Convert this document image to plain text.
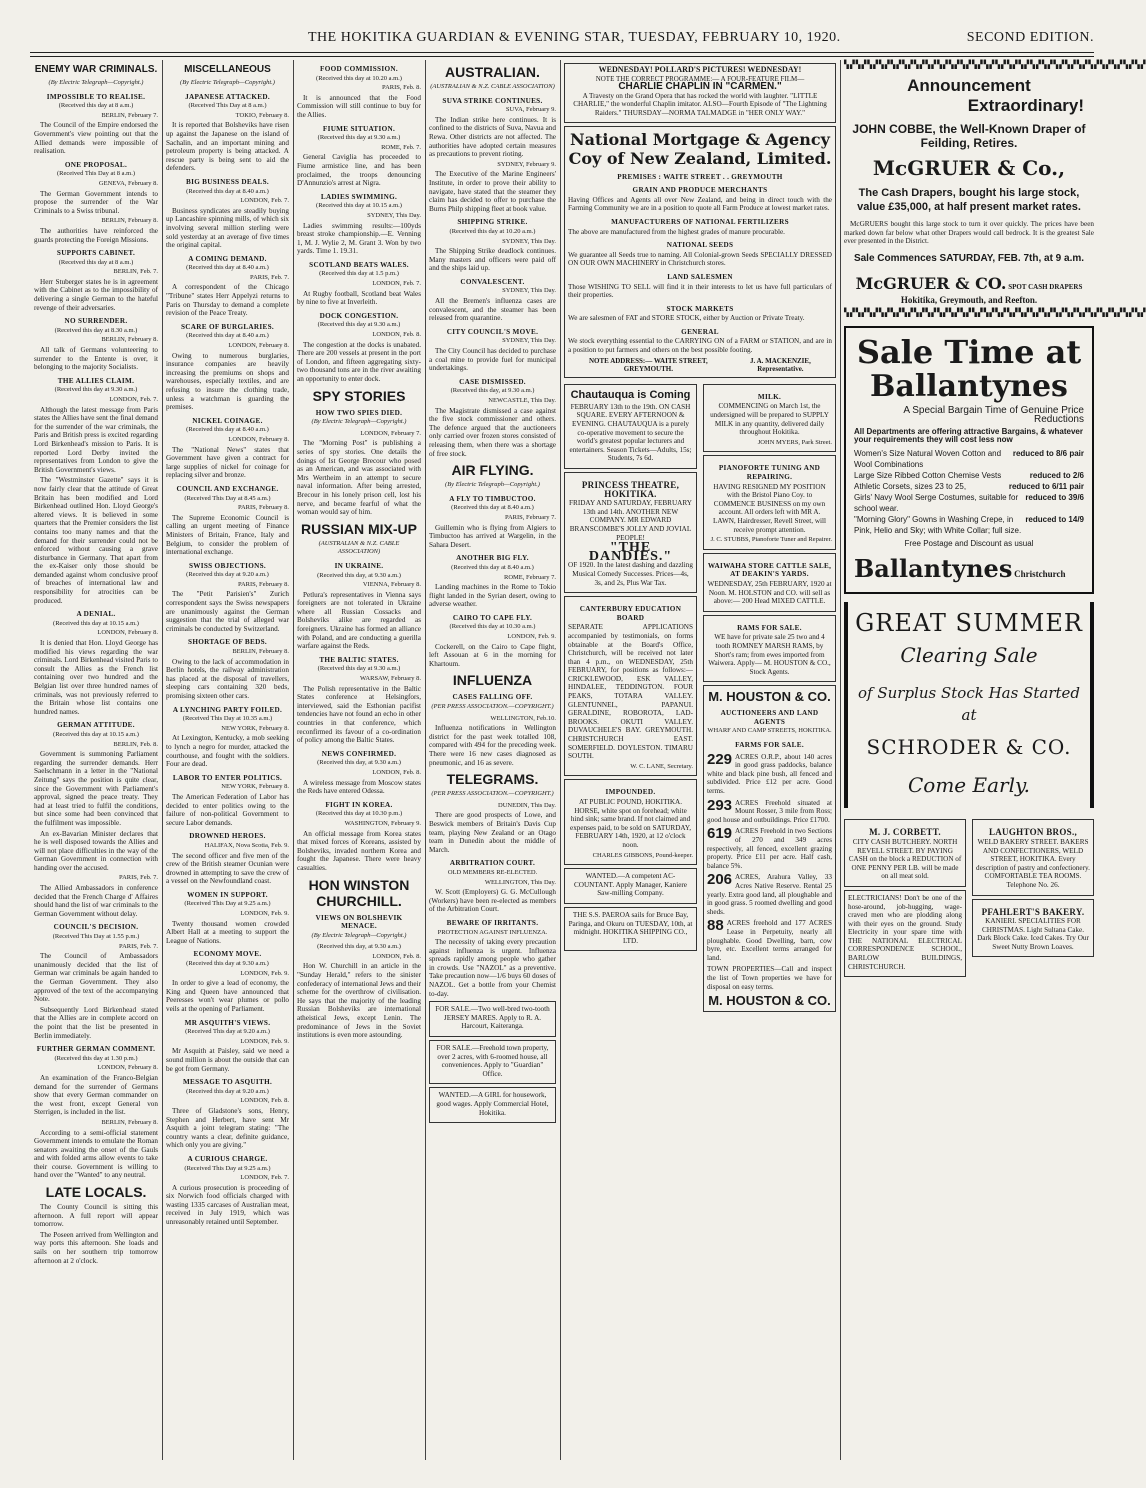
THE HOKITIKA GUARDIAN & EVENING STAR, TUESDAY, FEBRUARY 10, 1920.	SECOND EDITION.
ENEMY WAR CRIMINALS.
(By Electric Telegraph—Copyright.)
IMPOSSIBLE TO REALISE.
(Received this day at 8 a.m.)
BERLIN, February 7.

The Council of the Empire endorsed the Government's view pointing out that the Allied demands were impossible of realisation.

ONE PROPOSAL.
(Received This Day at 8 a.m.)
GENEVA, February 8.

The German Government intends to propose the surrender of the War Criminals to a Swiss tribunal.

BERLIN, February 8.

The authorities have reinforced the guards protecting the Foreign Missions.

SUPPORTS CABINET.
(Received this day at 8 a.m.)
BERLIN, Feb. 7.

Herr Stuberger states he is in agreement with the Cabinet as to the impossibility of delivering a single German to the hateful revenge of their adversaries.

NO SURRENDER.
(Received this day at 8.30 a.m.)
BERLIN, February 8.

All talk of Germans volunteering to surrender to the Entente is over, it belonging to the majority Socialists.

THE ALLIES CLAIM.
(Received this day at 9.30 a.m.)
LONDON, Feb. 7.

Although the latest message from Paris states the Allies have sent the final demand for the surrender of the war criminals, the Paris and British press is excited regarding Lord Birkenhead's mission to Paris. It is reported Lord Derby invited the representatives from London to give the British Government's views.

The "Westminster Gazette" says it is now fairly clear that the attitude of Great Britain has been modified and Lord Birkenhead outlined Hon. Lloyd George's altered views. It is believed in some quarters that the Premier considers the list contains too many names and that the demand for their surrender could not be enforced without causing a grave disturbance in Germany. That apart from the ex-Kaiser only those should be demanded against whom conclusive proof of breaches of international law and responsibility for atrocities can be produced.

A DENIAL.
(Received this day at 10.15 a.m.)
LONDON, February 8.

It is denied that Hon. Lloyd George has modified his views regarding the war criminals. Lord Birkenhead visited Paris to consult the Allies as the French list containing over two hundred and the Belgian list over three hundred names of criminals, was not previously referred to the Britain whose list contains one hundred names.

GERMAN ATTITUDE.
(Received this day at 10.15 a.m.)
BERLIN, Feb. 8.

Government is summoning Parliament regarding the surrender demands. Herr Saelschmann in a letter in the "National Zeitung" says the position is quite clear, since the Government with Parliament's approval, signed the peace treaty. They had at least tried to fulfil the conditions, but since some had been convinced that the fulfilment was impossible.

An ex-Bavarian Minister declares that he is well disposed towards the Allies and will not place difficulties in the way of the German Government in connection with handing over the accused.

PARIS, Feb. 7.

The Allied Ambassadors in conference decided that the French Charge d' Affaires should hand the list of war criminals to the German Government without delay.

COUNCIL'S DECISION.
(Received This Day at 1.55 p.m.)
PARIS, Feb. 7.

The Council of Ambassadors unanimously decided that the list of German war criminals be again handed to the German Government. They also approved of the text of the accompanying Note.

Subsequently Lord Birkenhead stated that the Allies are in complete accord on the point that the list be presented in Berlin immediately.

FURTHER GERMAN COMMENT.
(Received this day at 1.30 p.m.)
LONDON, February 8.

An examination of the Franco-Belgian demand for the surrender of Germans show that every German commander on the west front, except General von Sterrigen, is included in the list.

BERLIN, February 8.

According to a semi-official statement Government intends to emulate the Roman senators awaiting the onset of the Gauls and with folded arms allow events to take their course. Government is willing to hand over the "Wanted" to any neutral.

LATE LOCALS.

The County Council is sitting this afternoon. A full report will appear tomorrow.

The Poseen arrived from Wellington and way ports this afternoon. She loads and sails on her southern trip tomorrow afternoon at 2 o'clock.

MISCELLANEOUS
(By Electric Telegraph—Copyright.)
JAPANESE ATTACKED.
(Received This Day at 8 a.m.)
TOKIO, February 8.

It is reported that Bolsheviks have risen up against the Japanese on the island of Sachalin, and an important mining and petroleum property is being attacked. A rescue party is being sent to aid the defenders.

BIG BUSINESS DEALS.
(Received this day at 8.40 a.m.)
LONDON, Feb. 7.

Business syndicates are steadily buying up Lancashire spinning mills, of which six involving several million sterling were sold yesterday at an average of five times the original capital.

A COMING DEMAND.
(Received this day at 8.40 a.m.)
PARIS, Feb. 7.

A correspondent of the Chicago "Tribune" states Herr Appelyzi returns to Paris on Thursday to demand a complete revision of the Peace Treaty.

SCARE OF BURGLARIES.
(Received this day at 8.40 a.m.)
LONDON, February 8.

Owing to numerous burglaries, insurance companies are heavily increasing the premiums on shops and warehouses, especially textiles, and are refusing to insure the clothing trade, unless a watchman is guarding the premises.

NICKEL COINAGE.
(Received this day at 8.40 a.m.)
LONDON, February 8.

The "National News" states that Government have given a contract for large supplies of nickel for coinage for replacing silver and bronze.

COUNCIL AND EXCHANGE.
(Received This Day at 8.45 a.m.)
PARIS, February 8.

The Supreme Economic Council is calling an urgent meeting of Finance Ministers of Britain, France, Italy and Belgium, to consider the problem of international exchange.

SWISS OBJECTIONS.
(Received this day at 9.20 a.m.)
PARIS, February 8.

The "Petit Parisien's" Zurich correspondent says the Swiss newspapers are unanimously against the German suggestion that the trial of alleged war criminals be conducted by Switzerland.

SHORTAGE OF BEDS.
BERLIN, February 8.

Owing to the lack of accommodation in Berlin hotels, the railway administration has placed at the disposal of travellers, sleeping cars containing 320 beds, promising sixteen other cars.

A LYNCHING PARTY FOILED.
(Received This Day at 10.35 a.m.)
NEW YORK, February 8.

At Lexington, Kentucky, a mob seeking to lynch a negro for murder, attacked the courthouse, and fought with the soldiers. Four are dead.

LABOR TO ENTER POLITICS.
NEW YORK, February 8.

The American Federation of Labor has decided to enter politics owing to the failure of non-political Government to secure Labor demands.

DROWNED HEROES.
HALIFAX, Nova Scotia, Feb. 9.

The second officer and five men of the crew of the British steamer Ocunian were drowned in attempting to save the crew of a vessel on the Newfoundland coast.

WOMEN IN SUPPORT.
(Received This Day at 9.25 a.m.)
LONDON, Feb. 9.

Twenty thousand women crowded Albert Hall at a meeting to support the League of Nations.

ECONOMY MOVE.
(Received this day at 9.30 a.m.)
LONDON, Feb. 9.

In order to give a lead of economy, the King and Queen have announced that Peeresses won't wear plumes or pollo veils at the opening of Parliament.

MR ASQUITH'S VIEWS.
(Received This day at 9.20 a.m.)
LONDON, Feb. 9.

Mr Asquith at Paisley, said we need a sound million is about the outside that can be got from Germany.

MESSAGE TO ASQUITH.
(Received this day at 9.20 a.m.)
LONDON, Feb. 8.

Three of Gladstone's sons, Henry, Stephen and Herbert, have sent Mr Asquith a joint telegram stating: "The country wants a clear, definite guidance, which only you are giving."

A CURIOUS CHARGE.
(Received This Day at 9.25 a.m.)
LONDON, Feb. 7.

A curious prosecution is proceeding of six Norwich food officials charged with wasting 1335 carcases of Australian meat, received in July 1919, which was unreasonably retained until September.

FOOD COMMISSION.
(Received this day at 10.20 a.m.)
PARIS, Feb. 8.

It is announced that the Food Commission will still continue to buy for the Allies.

FIUME SITUATION.
(Received this day at 9.30 a.m.)
ROME, Feb. 7.

General Caviglia has proceeded to Fiume armistice line, and has been proclaimed, the troops denouncing D'Annunzio's arrest at Nigra.

LADIES SWIMMING.
(Received this day at 10.15 a.m.)
SYDNEY, This Day.

Ladies swimming results:—100yds breast stroke championship.—E. Venning 1, M. J. Wylie 2, M. Grant 3. Won by two yards. Time 1. 19.31.

SCOTLAND BEATS WALES.
(Received this day at 1.5 p.m.)
LONDON, Feb. 7.

At Rugby football, Scotland beat Wales by nine to five at Inverleith.

DOCK CONGESTION.
(Received this day at 9.30 a.m.)
LONDON, Feb. 8.

The congestion at the docks is unabated. There are 200 vessels at present in the port of London, and fifteen aggregating sixty-two thousand tons are in the river awaiting an opportunity to enter dock.

SPY STORIES
HOW TWO SPIES DIED.
(By Electric Telegraph—Copyright.)
LONDON, February 7.

The "Morning Post" is publishing a series of spy stories. One details the doings of Ist George Brecour who posed as an American, and was associated with Mrs Wertheim in an attempt to secure naval information. After being arrested, Brecour in his lonely prison cell, lost his nerve, and became fearful of what the woman would say of him.

RUSSIAN MIX-UP
(AUSTRALIAN & N.Z. CABLE ASSOCIATION)
IN UKRAINE.
(Received this day, at 9.30 a.m.)
VIENNA, February 8.

Petlura's representatives in Vienna says foreigners are not tolerated in Ukraine where all Russian Cossacks and Bolsheviks alike are regarded as foreigners. Ukraine has formed an alliance with Poland, and are conducting a guerilla warfare against the Reds.

THE BALTIC STATES.
(Received this day at 9.30 a.m.)
WARSAW, February 8.

The Polish representative in the Baltic States conference at Helsingfors, interviewed, said the Esthonian pacifist tendencies have not found an echo in other countries in that conference, which reconfirmed its favour of a co-ordination of policy among the Baltic States.

NEWS CONFIRMED.
(Received this day, at 9.30 a.m.)
LONDON, Feb. 8.

A wireless message from Moscow states the Reds have entered Odessa.

FIGHT IN KOREA.
(Received this day at 10.30 p.m.)
WASHINGTON, February 9.

An official message from Korea states that mixed forces of Koreans, assisted by Bolsheviks, invaded northern Korea and fought the Japanese. There were heavy casualties.

HON WINSTON CHURCHILL.
VIEWS ON BOLSHEVIK MENACE.
(By Electric Telegraph—Copyright.)
(Received this day, at 9.30 a.m.)
LONDON, Feb. 8.

Hon W. Churchill in an article in the "Sunday Herald," refers to the sinister confederacy of international Jews and their scheme for the overthrow of civilisation. He says that the majority of the leading Russian Bolsheviks are international atheistical Jews, except Lenin. The predominance of Jews in the Soviet institutions is even more astounding.

AUSTRALIAN.
(AUSTRALIAN & N.Z. CABLE ASSOCIATION)
SUVA STRIKE CONTINUES.
SUVA, February 9.

The Indian strike here continues. It is confined to the districts of Suva, Navua and Rewa. Other districts are not affected. The authorities have adopted certain measures as precautions to prevent rioting.

SYDNEY, February 9.

The Executive of the Marine Engineers' Institute, in order to prove their ability to navigate, have stated that the steamer they claim has decided to offer to purchase the Burns Philp shipping fleet at book value.

SHIPPING STRIKE.
(Received this day at 10.20 a.m.)
SYDNEY, This Day.

The Shipping Strike deadlock continues. Many masters and officers were paid off and the ships laid up.

CONVALESCENT.
SYDNEY, This Day.

All the Bremen's influenza cases are convalescent, and the steamer has been released from quarantine.

CITY COUNCIL'S MOVE.
SYDNEY, This Day.

The City Council has decided to purchase a coal mine to provide fuel for municipal undertakings.

CASE DISMISSED.
(Received this day, at 9.30 a.m.)
NEWCASTLE, This Day.

The Magistrate dismissed a case against the five stock commissioner and others. The defence argued that the auctioneers only carried over frozen stores consisted of releasing them, when there was a shortage of free stock.

AIR FLYING.
(By Electric Telegraph—Copyright.)
A FLY TO TIMBUCTOO.
(Received this day at 8.40 a.m.)
PARIS, February 7.

Guillemin who is flying from Algiers to Timbuctoo has arrived at Wargelin, in the Sahara Desert.

ANOTHER BIG FLY.
(Received this day at 8.40 a.m.)
ROME, February 7.

Landing machines in the Rome to Tokio flight landed in the Syrian desert, owing to adverse weather.

CAIRO TO CAPE FLY.
(Received this day at 10.30 a.m.)
LONDON, Feb. 9.

Cockerell, on the Cairo to Cape flight, left Assouan at 6 in the morning for Khartoum.

INFLUENZA
CASES FALLING OFF.
(PER PRESS ASSOCIATION.—COPYRIGHT.)
WELLINGTON, Feb.10.

Influenza notifications in Wellington district for the past week totalled 108, compared with 494 for the preceding week. There were 16 new cases diagnosed as pneumonic, and 16 as severe.

TELEGRAMS.
(PER PRESS ASSOCIATION.—COPYRIGHT.)
DUNEDIN, This Day.

There are good prospects of Lowe, and Beswick members of Britain's Davis Cup team, playing New Zealand or an Otago team in Dunedin about the middle of March.

ARBITRATION COURT.
OLD MEMBERS RE-ELECTED.
WELLINGTON, This Day.

W. Scott (Employers) G. G. McCullough (Workers) have been re-elected as members of the Arbitration Court.

BEWARE OF IRRITANTS.
PROTECTION AGAINST INFLUENZA.

The necessity of taking every precaution against influenza is urgent. Influenza spreads rapidly among people who gather in crowds. Use "NAZOL" as a preventive. Take precaution now—1/6 buys 60 doses of NAZOL. Get a bottle from your Chemist to-day.

FOR SALE.—Two well-bred two-tooth JERSEY MARES. Apply to R. A. Harcourt, Kaiteranga.

FOR SALE.—Freehold town property, over 2 acres, with 6-roomed house, all conveniences. Apply to "Guardian" Office.

WANTED.—A GIRL for housework, good wages. Apply Commercial Hotel, Hokitika.

WEDNESDAY! POLLARD'S PICTURES! WEDNESDAY!
NOTE THE CORRECT PROGRAMME:— A FOUR-FEATURE FILM—
CHARLIE CHAPLIN IN "CARMEN."

A Travesty on the Grand Opera that has rocked the world with laughter. "LITTLE CHARLIE," the wonderful Chaplin imitator. ALSO—Fourth Episode of "The Lightning Raiders." THURSDAY—NORMA TALMADGE in "HER ONLY WAY."

National Mortgage & Agency Coy of New Zealand, Limited.
PREMISES : WAITE STREET . . GREYMOUTH
GRAIN AND PRODUCE MERCHANTS

Having Offices and Agents all over New Zealand, and being in direct touch with the Farming Community we are in a position to quote all Farm Produce at lowest market rates.

MANUFACTURERS OF NATIONAL FERTILIZERS

The above are manufactured from the highest grades of manure procurable.

NATIONAL SEEDS

We guarantee all Seeds true to naming. All Colonial-grown Seeds SPECIALLY DRESSED ON OUR OWN MACHINERY in Christchurch stores.

LAND SALESMEN

Those WISHING TO SELL will find it in their interests to let us have full particulars of their properties.

STOCK MARKETS

We are salesmen of FAT and STORE STOCK, either by Auction or Private Treaty.

GENERAL

We stock everything essential to the CARRYING ON of a FARM or STATION, and are in a position to put farmers and others on the best possible footing.

NOTE ADDRESS:— WAITE STREET, GREYMOUTH.
J. A. MACKENZIE, Representative.
Chautauqua is Coming

FEBRUARY 13th to the 19th. ON CASH SQUARE. EVERY AFTERNOON & EVENING. CHAUTAUQUA is a purely co-operative movement to secure the world's greatest popular lecturers and entertainers. Season Tickets—Adults, 15s; Students, 7s 6d.

PRINCESS THEATRE, HOKITIKA.

FRIDAY AND SATURDAY, FEBRUARY 13th and 14th. ANOTHER NEW COMPANY. MR EDWARD BRANSCOMBE'S JOLLY AND JOVIAL PEOPLE!

"THE DANDIES."

OF 1920. In the latest dashing and dazzling Musical Comedy Successes. Prices—4s, 3s, and 2s, Plus War Tax.

CANTERBURY EDUCATION BOARD

SEPARATE APPLICATIONS accompanied by testimonials, on forms obtainable at the Board's Office, Christchurch, will be received not later than 4 p.m., on WEDNESDAY, 25th FEBRUARY, for positions as follows:— CRICKLEWOOD, ESK VALLEY, HINDALEE, TEDDINGTON. FOUR PEAKS, TOTARA VALLEY. GLENTUNNEL, PAPANUI. GERALDINE, ROBOROTA, LAD-BROOKS. OKUTI VALLEY. DUVAUCHELE'S BAY. GREYMOUTH. CHRISTCHURCH EAST. SOMERFIELD. DOYLESTON. TIMARU SOUTH.

W. C. LANE, Secretary.
IMPOUNDED.

AT PUBLIC POUND, HOKITIKA. HORSE, white spot on forehead; white hind sink; same brand. If not claimed and expenses paid, to be sold on SATURDAY, FEBRUARY 14th, 1920, at 12 o'clock noon.

CHARLES GIBBONS, Pound-keeper.

WANTED.—A competent AC-COUNTANT. Apply Manager, Kaniere Saw-milling Company.

THE S.S. PAEROA sails for Bruce Bay, Paringa, and Okuru on TUESDAY, 10th, at midnight. HOKITIKA SHIPPING CO., LTD.

MILK.

COMMENCING on March 1st, the undersigned will be prepared to SUPPLY MILK in any quantity, delivered daily throughout Hokitika.

JOHN MYERS, Park Street.
PIANOFORTE TUNING AND REPAIRING.

HAVING RESIGNED MY POSITION with the Bristol Piano Coy. to COMMENCE BUSINESS on my own account. All orders left with MR A. LAWN, Hairdresser, Revell Street, will receive prompt attention.

J. C. STUBBS, Pianoforte Tuner and Repairer.
WAIWAHA STORE CATTLE SALE, AT DEAKIN'S YARDS.

WEDNESDAY, 25th FEBRUARY, 1920 at Noon. M. HOLSTON and CO. will sell as above:— 200 Head MIXED CATTLE.

RAMS FOR SALE.

WE have for private sale 25 two and 4 tooth ROMNEY MARSH RAMS, by Short's ram; from ewes imported from Waiwera. Apply— M. HOUSTON & CO., Stock Agents.

M. HOUSTON & CO.
AUCTIONEERS AND LAND AGENTS
WHARF AND CAMP STREETS, HOKITIKA.
FARMS FOR SALE.
229 ACRES O.R.P., about 140 acres in good grass paddocks, balance white and black pine bush, all fenced and subdivided. Price £12 per acre. Good terms.
293 ACRES Freehold situated at Mount Rosser, 3 mile from Ross; good house and outbuildings. Price £1700.
619 ACRES Freehold in two Sections of 270 and 349 acres respectively, all fenced, excellent grazing property. Price £11 per acre. Half cash, balance 5%.
206 ACRES, Arahura Valley, 33 Acres Native Reserve. Rental 25 yearly. Extra good land, all ploughable and in good grass. 5 roomed dwelling and good sheds.
88 ACRES freehold and 177 ACRES Lease in Perpetuity, nearly all ploughable. Good Dwelling, barn, cow byre, etc. Excellent terms arranged for land.

TOWN PROPERTIES—Call and inspect the list of Town properties we have for disposal on easy terms.

M. HOUSTON & CO.
▚▞▚▞▚▞▚▞▚▞▚▞▚▞▚▞▚▞▚▞▚▞▚▞▚▞▚▞▚▞▚▞▚▞▚▞▚▞▚▞▚▞▚▞▚▞▚▞▚▞▚▞
Announcement
Extraordinary!
JOHN COBBE, the Well-Known Draper of Feilding, Retires.
McGRUER & Co.,
The Cash Drapers, bought his large stock, value £35,000, at half present market rates.

McGRUERS bought this large stock to turn it over quickly. The prices have been marked down far below what other Drapers would call bedrock. It is the greatest Sale ever presented in the District.

Sale Commences SATURDAY, FEB. 7th, at 9 a.m.
McGRUER & CO. SPOT CASH DRAPERS
Hokitika, Greymouth, and Reefton.
▚▞▚▞▚▞▚▞▚▞▚▞▚▞▚▞▚▞▚▞▚▞▚▞▚▞▚▞▚▞▚▞▚▞▚▞▚▞▚▞▚▞▚▞▚▞▚▞▚▞▚▞
Sale Time at
Ballantynes
A Special Bargain Time of Genuine Price Reductions
All Departments are offering attractive Bargains, & whatever your requirements they will cost less now
reduced to 8/6 pair
Women's Size Natural Woven Cotton and Wool Combinations
reduced to 2/6
Large Size Ribbed Cotton Chemise Vests
reduced to 6/11 pair
Athletic Corsets, sizes 23 to 25,
reduced to 39/6
Girls' Navy Wool Serge Costumes, suitable for school wear.
reduced to 14/9
"Morning Glory" Gowns in Washing Crepe, in Pink, Helio and Sky; with White Collar; full size.
Free Postage and Discount as usual
Ballantynes Christchurch
GREAT SUMMER
Clearing Sale
of Surplus Stock Has Started at
SCHRODER & CO.
Come Early.
M. J. CORBETT.

CITY CASH BUTCHERY. NORTH REVELL STREET. BY PAYING CASH on the block a REDUCTION of ONE PENNY PER LB. will be made on all meat sold.

ELECTRICIANS! Don't be one of the hose-around, job-hugging, wage-craved men who are plodding along with their eyes on the ground. Study Electricity in your spare time with THE NATIONAL ELECTRICAL CORRESPONDENCE SCHOOL, BARLOW BUILDINGS, CHRISTCHURCH.

LAUGHTON BROS.,

WELD BAKERY STREET. BAKERS AND CONFECTIONERS, WELD STREET, HOKITIKA. Every description of pastry and confectionery. COMFORTABLE TEA ROOMS. Telephone No. 26.

PFAHLERT'S BAKERY.

KANIERI. SPECIALITIES FOR CHRISTMAS. Light Sultana Cake. Dark Block Cake. Iced Cakes. Try Our Sweet Nutty Brown Loaves.
